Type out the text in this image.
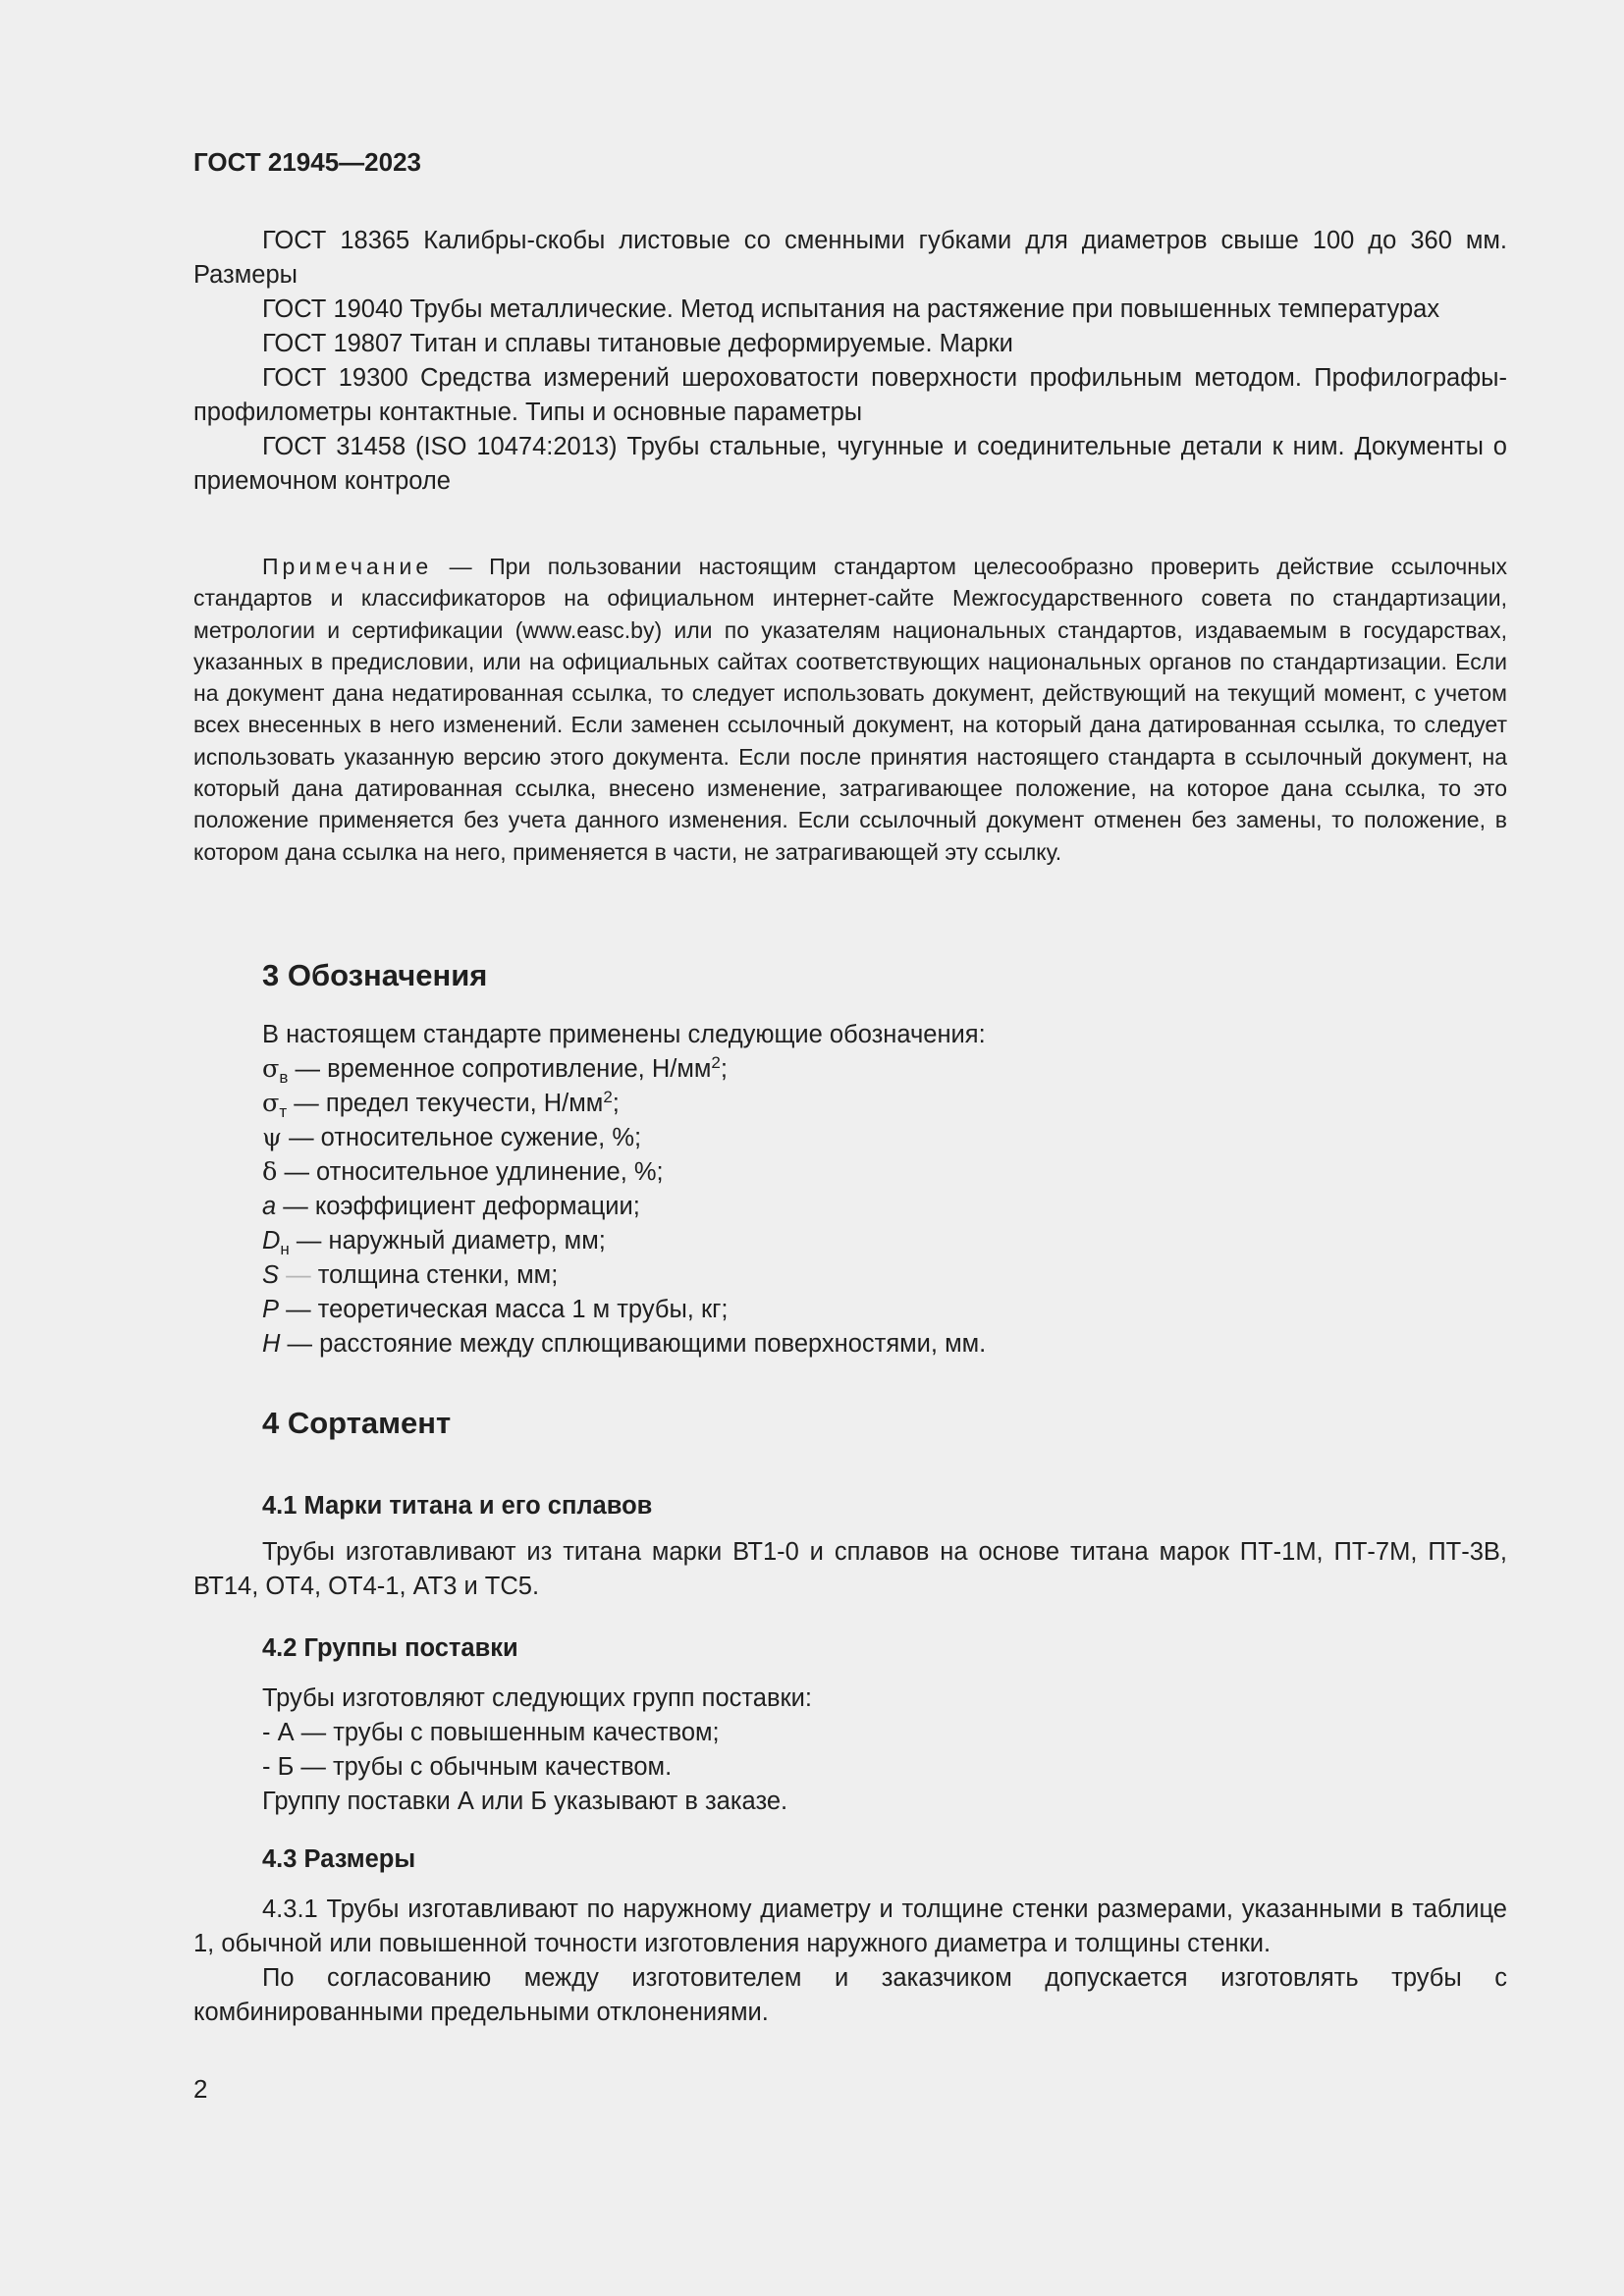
ГОСТ 21945—2023

ГОСТ 18365 Калибры-скобы листовые со сменными губками для диаметров свыше 100 до 360 мм. Размеры

ГОСТ 19040 Трубы металлические. Метод испытания на растяжение при повышенных температурах

ГОСТ 19807 Титан и сплавы титановые деформируемые. Марки

ГОСТ 19300 Средства измерений шероховатости поверхности профильным методом. Профилографы-профилометры контактные. Типы и основные параметры

ГОСТ 31458 (ISO 10474:2013) Трубы стальные, чугунные и соединительные детали к ним. Документы о приемочном контроле

Примечание — При пользовании настоящим стандартом целесообразно проверить действие ссылочных стандартов и классификаторов на официальном интернет-сайте Межгосударственного совета по стандартизации, метрологии и сертификации (www.easc.by) или по указателям национальных стандартов, издаваемым в государствах, указанных в предисловии, или на официальных сайтах соответствующих национальных органов по стандартизации. Если на документ дана недатированная ссылка, то следует использовать документ, действующий на текущий момент, с учетом всех внесенных в него изменений. Если заменен ссылочный документ, на который дана датированная ссылка, то следует использовать указанную версию этого документа. Если после принятия настоящего стандарта в ссылочный документ, на который дана датированная ссылка, внесено изменение, затрагивающее положение, на которое дана ссылка, то это положение применяется без учета данного изменения. Если ссылочный документ отменен без замены, то положение, в котором дана ссылка на него, применяется в части, не затрагивающей эту ссылку.

3 Обозначения

В настоящем стандарте применены следующие обозначения:

$\sigma_в$ — временное сопротивление, $Н/мм^2$;

$\sigma_т$ — предел текучести, $Н/мм^2$;

ψ — относительное сужение, %;

δ — относительное удлинение, %;

a — коэффициент деформации;

$D_н$ — наружный диаметр, мм;

S — толщина стенки, мм;

P — теоретическая масса 1 м трубы, кг;

H — расстояние между сплющивающими поверхностями, мм.

4 Сортамент
4.1 Марки титана и его сплавов

Трубы изготавливают из титана марки ВТ1-0 и сплавов на основе титана марок ПТ-1М, ПТ-7М, ПТ-3В, ВТ14, ОТ4, ОТ4-1, АТ3 и ТС5.

4.2 Группы поставки

Трубы изготовляют следующих групп поставки:

- А — трубы с повышенным качеством;

- Б — трубы с обычным качеством.

Группу поставки А или Б указывают в заказе.

4.3 Размеры

4.3.1 Трубы изготавливают по наружному диаметру и толщине стенки размерами, указанными в таблице 1, обычной или повышенной точности изготовления наружного диаметра и толщины стенки.

По согласованию между изготовителем и заказчиком допускается изготовлять трубы с комбинированными предельными отклонениями.

2
